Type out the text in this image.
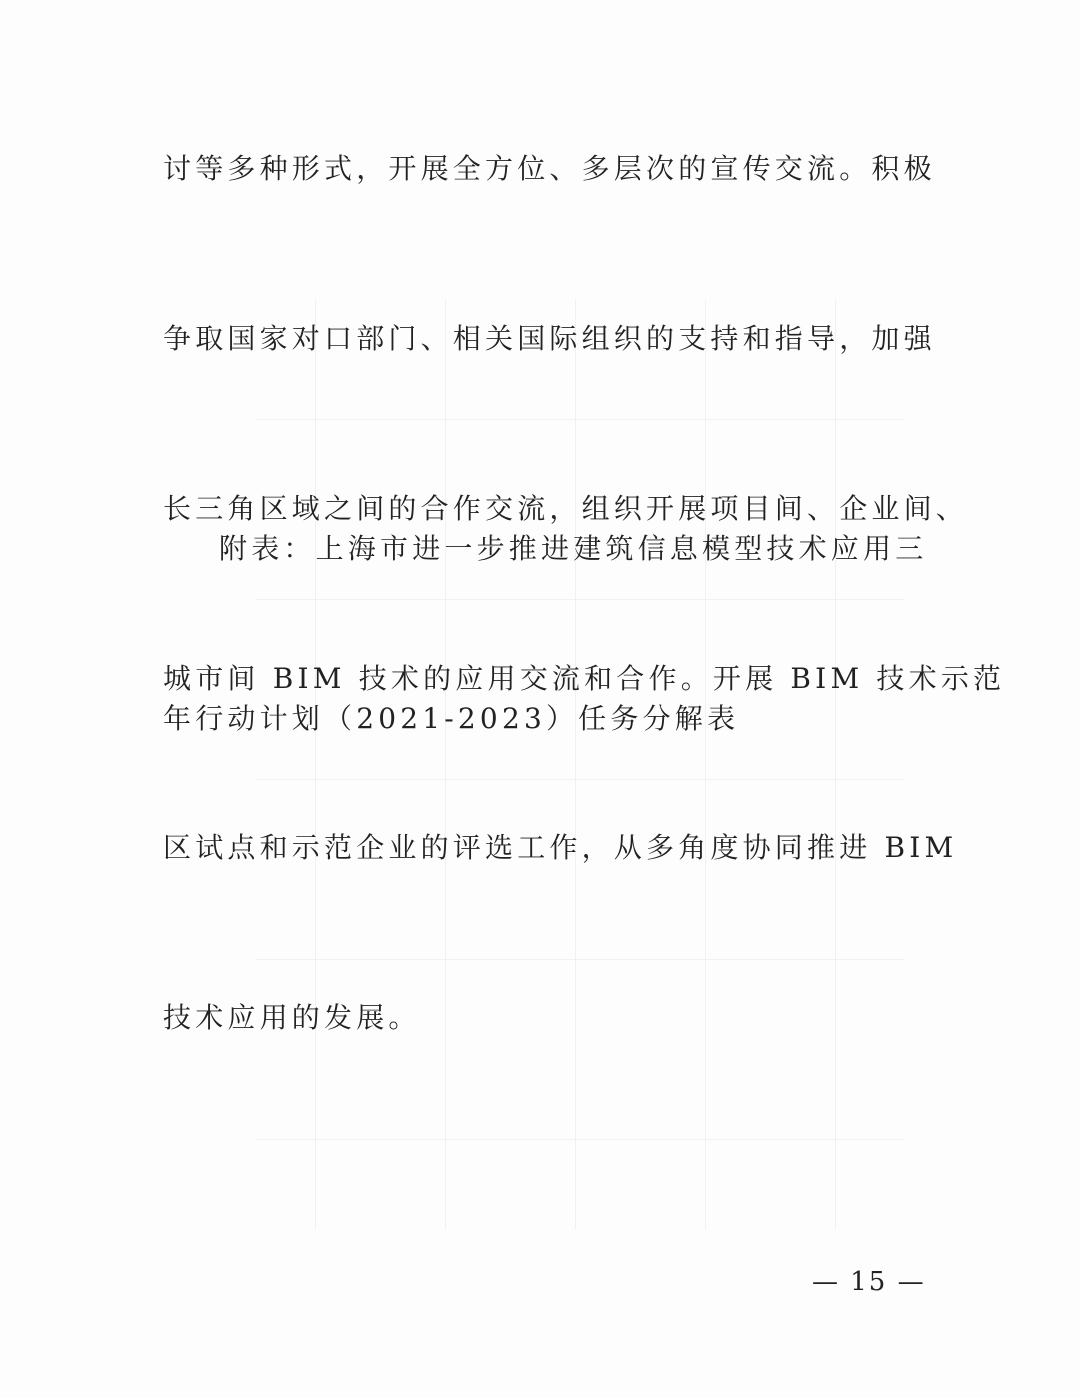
讨等多种形式，开展全方位、多层次的宣传交流。积极

争取国家对口部门、相关国际组织的支持和指导，加强

长三角区域之间的合作交流，组织开展项目间、企业间、

城市间 BIM 技术的应用交流和合作。开展 BIM 技术示范

区试点和示范企业的评选工作，从多角度协同推进 BIM

技术应用的发展。

附表：上海市进一步推进建筑信息模型技术应用三

年行动计划（2021-2023）任务分解表

— 15 —
